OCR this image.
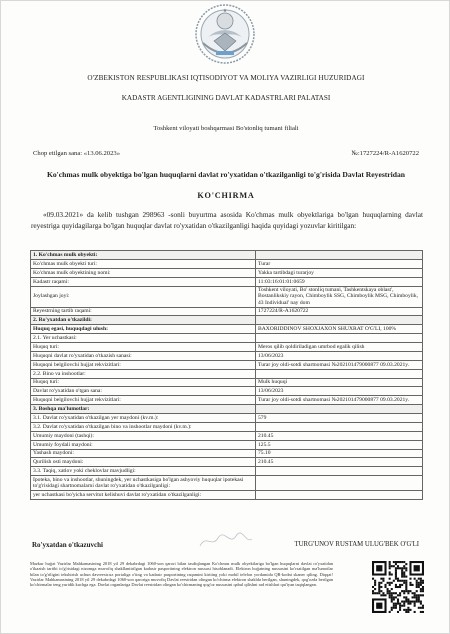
★
O'ZBEKISTON RESPUBLIKASI IQTISODIYOT VA MOLIYA VAZIRLIGI HUZURIDAGI
KADASTR AGENTLIGINING DAVLAT KADASTRLARI PALATASI
Toshkent viloyati boshqarmasi Bo'stonliq tumani filiali
Chop etilgan sana: «13.06.2023»	№:1727224/R-A1620722
Ko'chmas mulk obyektiga bo'lgan huquqlarni davlat ro'yxatidan o'tkazilganligi to'g'risida Davlat Reyestridan
KO'CHIRMA
«09.03.2021» da kelib tushgan 298963 -sonli buyurtma asosida Ko'chmas mulk obyektlariga bo'lgan huquqlarning davlat reyestriga quyidagilarga bo'lgan huquqlar davlat ro'yxatidan o'tkazilganligi haqida quyidagi yozuvlar kiritilgan:
1. Ko'chmas mulk obyekti:	
Ko'chmas mulk obyekti turi:	Turar
Ko'chmas mulk obyektining nomi:	Yakka tartibdagi turarjoy
Kadastr raqami:	11:03:16:01:01:0659
Joylashgan joyi:	Toshkent viloyati, Bo' stonliq tumani, Tashkentskaya oblast', Bostanlikskiy rayon, Chimboylik SSG, Chimboylik MSG, Chimboylik, 43 Individual' nay dom
Reyestrning tartib raqami:	1727224/R-A1620722
2. Ro'yxatdan o'tkazildi:	
Huquq egasi, huquqdagi ulush:	BAXORIDDINOV SHOXJAXON SHUXRAT O'G'LI, 100%
2.1. Yer uchastkasi:	
Huquq turi:	Meros qilib qoldiriladigan umrbod egalik qilish
Huquqni davlat ro'yxatidan o'tkazish sanasi:	13/06/2023
Huquqni belgilovchi hujjat rekvizitlari:	Turar joy oldi-sotdi shartnomasi №202101479000877 09.03.2021y.
2.2. Bino va inshootlar:	
Huquq turi:	Mulk huquqi
Davlat ro'yxatidan o'tgan sana:	13/06/2023
Huquqni belgilovchi hujjat rekvizitlari:	Turar joy oldi-sotdi shartnomasi №202101479000877 09.03.2021y.
3. Boshqa ma'lumotlar:	
3.1. Davlat ro'yxatidan o'tkazilgan yer maydoni (kv.m.):	579
3.2. Davlat ro'yxatidan o'tkazilgan bino va inshootlar maydoni (kv.m.):	
Umumiy maydoni (tashqi):	210.45
Umumiy foydali maydoni:	125.5
Yashash maydoni:	75.10
Qurilish osti maydoni:	210.45
3.3. Taqiq, xatlov yoki cheklovlar mavjudligi:	
Ipoteka, bino va inshootlar, shuningdek, yer uchastkasiga bo'lgan ashyoviy huquqlar ipotekasi to'g'risidagi shartnomalarni davlat ro'yxatidan o'tkazilganligi:	
yer uchastkasi bo'yicha servitut kelishuvi davlat ro'yxatidan o'tkazilganligi:	
Ro'yxatdan o'tkazuvchi	TURG'UNOV RUSTAM ULUG'BEK O'G'LI
Mazkur hujjat Vazirlar Mahkamasining 2018 yil 29 dekabrdagi 1060-son qarori bilan tasdiqlangan Ko'chmas mulk obyektlariga bo'lgan huquqlarni davlat ro'yxatidan o'tkazish tartibi to'g'risidagi nizomga muvofiq shakllantirilgan kadastr pasportining elektron nusxasi hisoblanadi. Elektron hujjatning nusxasini ko'rsatilgan ma'lumotlar bilan to'g'riligini tekshirish uchun davreestr.uz portaliga o'ting va kadastr pasportining raqamini kiriting yoki mobil telefon yordamida QR-kodni skaner qiling. Diqqat! Vazirlar Mahkamasining 2018 yil 29 dekabrdagi 1060-son qaroriga muvofiq Davlat reestridan olingan ko'chirma elektron shaklda berilgan, shuningdek, qog'ozda berilgan ko'chirmalar teng yuridik kuchga ega. Davlat organlariga Davlat reestridan olingan ko'chirmaning qog'oz nusxasini qabul qilishni rad etishlari qat'iyan taqiqlangan.
